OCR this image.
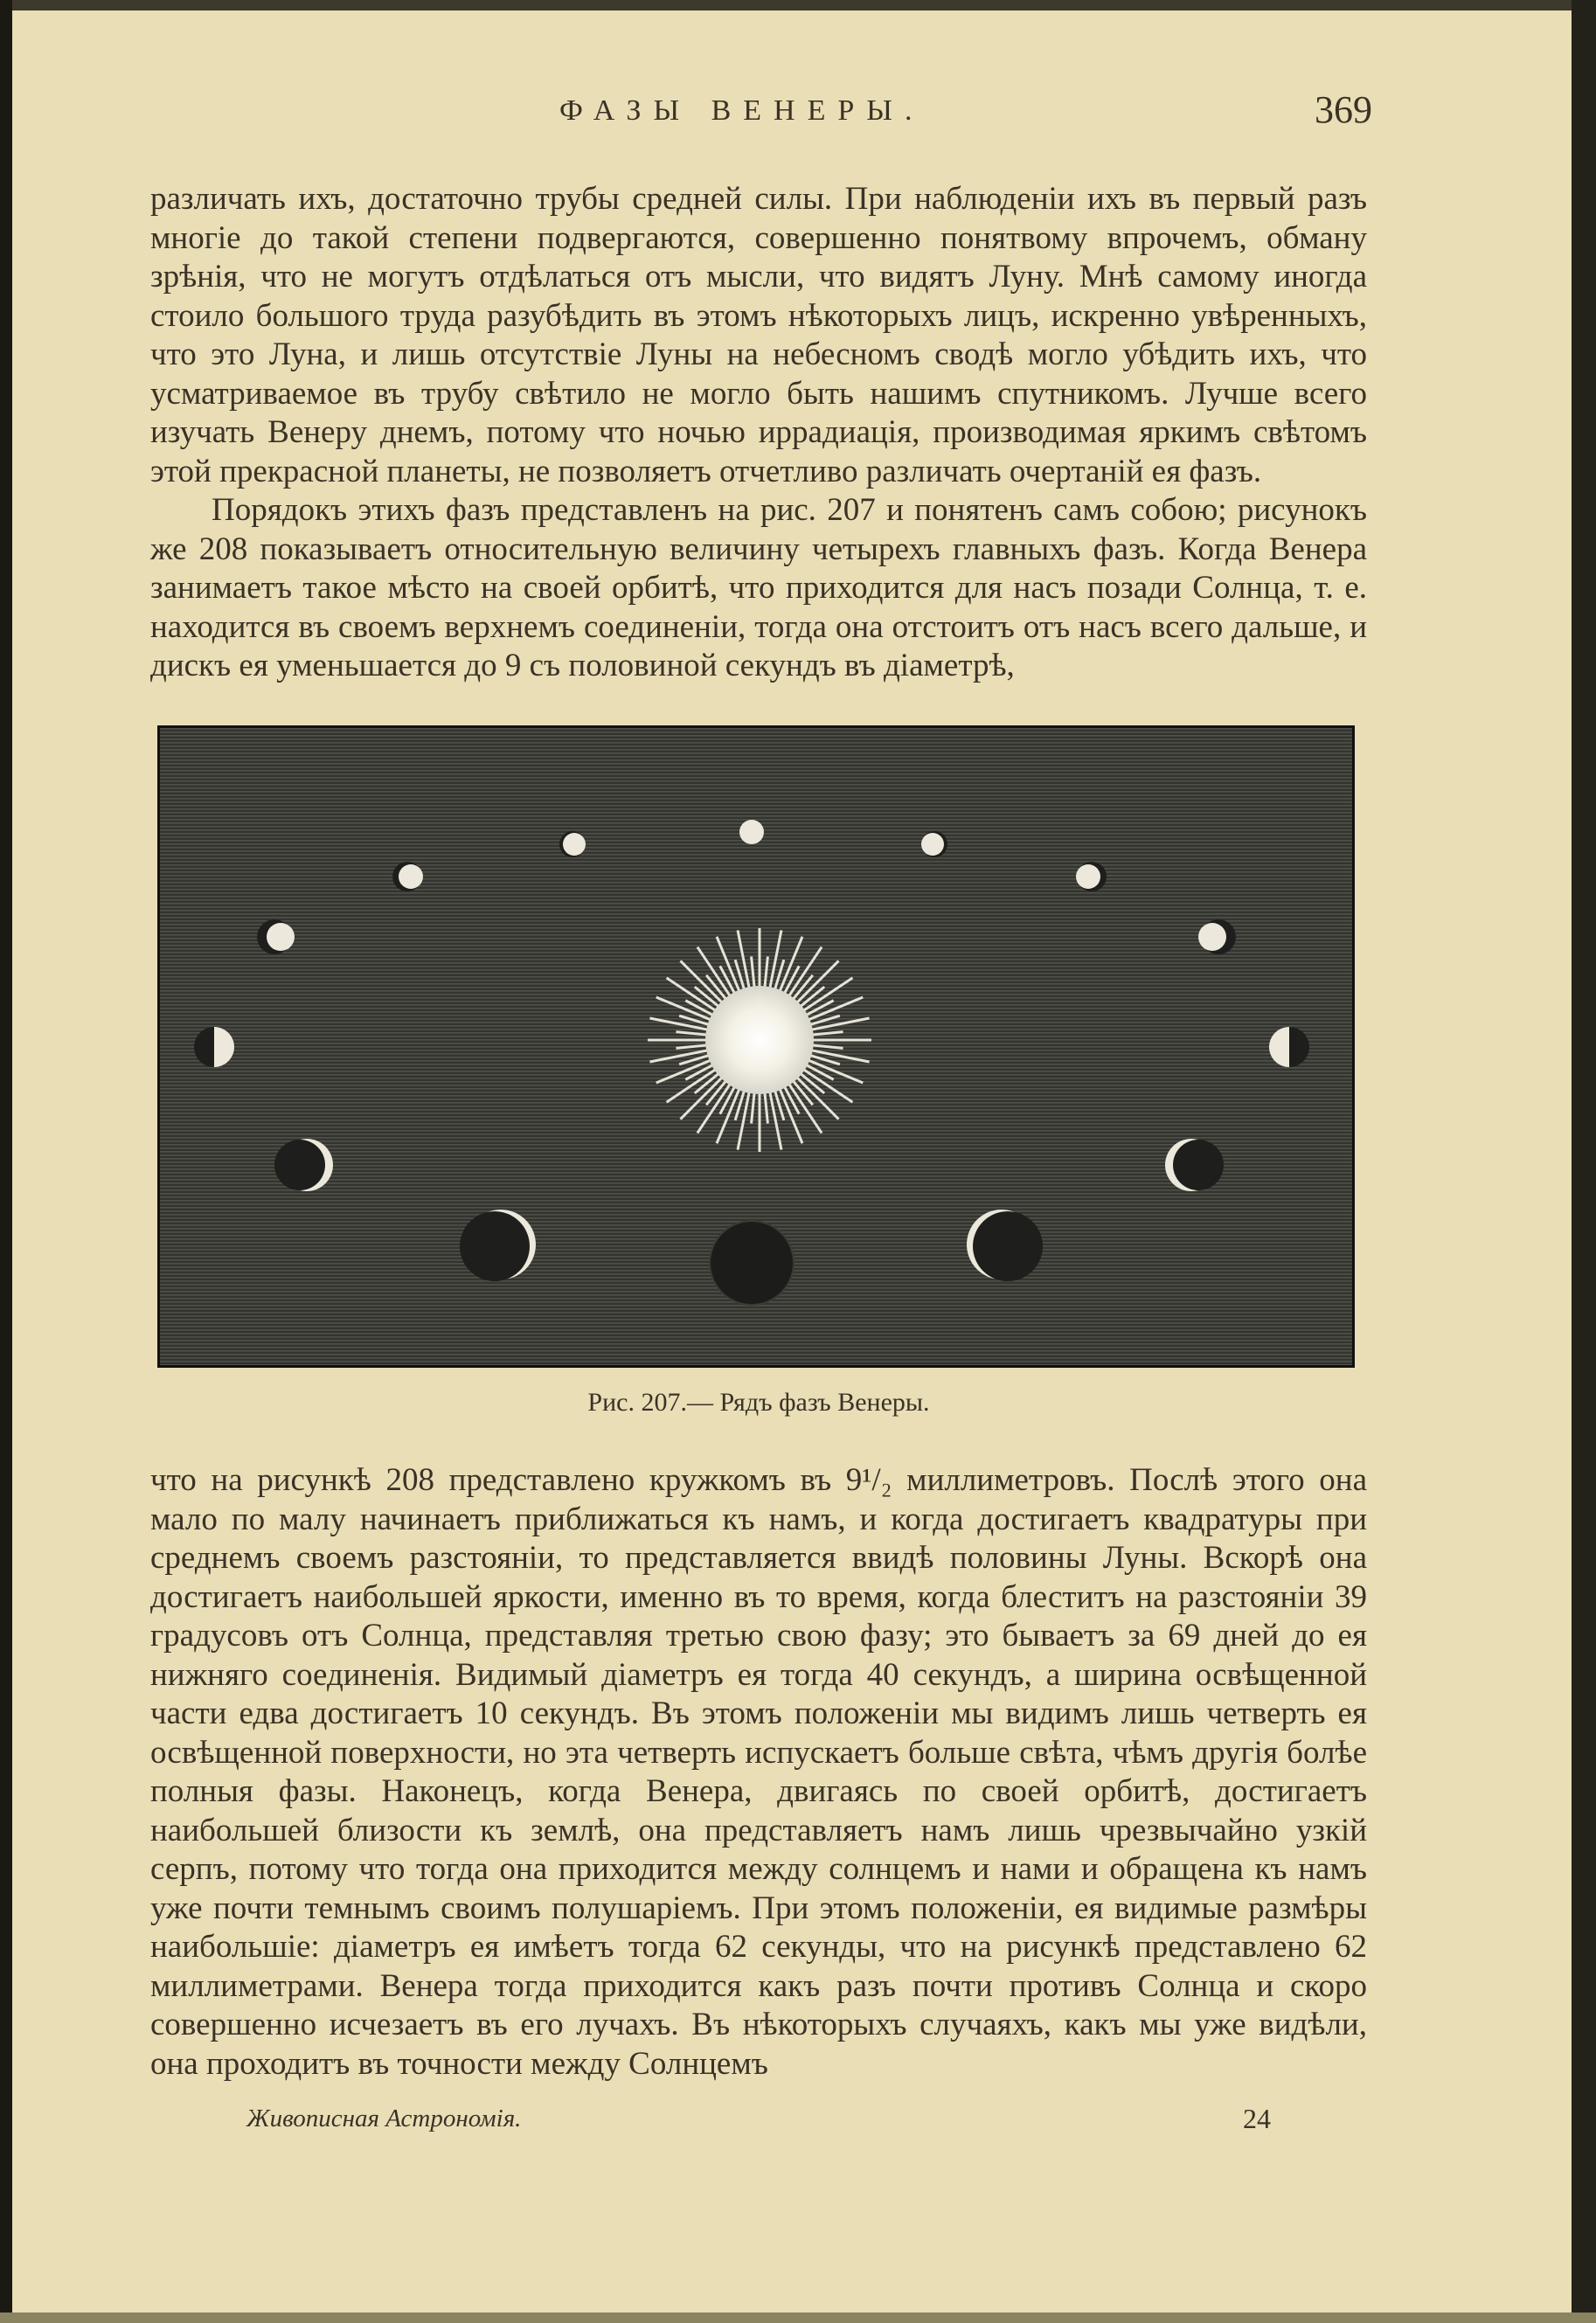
ФАЗЫ ВЕНЕРЫ.	369

различать ихъ, достаточно трубы средней силы. При наблюденіи ихъ въ первый разъ многіе до такой степени подвергаются, совершенно понятвому впрочемъ, обману зрѣнія, что не могутъ отдѣлаться отъ мысли, что видятъ Луну. Мнѣ самому иногда стоило большого труда разубѣдить въ этомъ нѣкоторыхъ лицъ, искренно увѣренныхъ, что это Луна, и лишь отсутствіе Луны на небесномъ сводѣ могло убѣдить ихъ, что усматриваемое въ трубу свѣтило не могло быть нашимъ спутникомъ. Лучше всего изучать Венеру днемъ, потому что ночью иррадиація, производимая яркимъ свѣтомъ этой прекрасной планеты, не позволяетъ отчетливо различать очертаній ея фазъ.

Порядокъ этихъ фазъ представленъ на рис. 207 и понятенъ самъ собою; рисунокъ же 208 показываетъ относительную величину четырехъ главныхъ фазъ. Когда Венера занимаетъ такое мѣсто на своей орбитѣ, что приходится для насъ позади Солнца, т. е. находится въ своемъ верхнемъ соединеніи, тогда она отстоитъ отъ насъ всего дальше, и дискъ ея уменьшается до 9 съ половиной секундъ въ діаметрѣ,

Рис. 207.— Рядъ фазъ Венеры.

что на рисункѣ 208 представлено кружкомъ въ 9¹/₂ миллиметровъ. Послѣ этого она мало по малу начинаетъ приближаться къ намъ, и когда достигаетъ квадратуры при среднемъ своемъ разстояніи, то представляется ввидѣ половины Луны. Вскорѣ она достигаетъ наибольшей яркости, именно въ то время, когда блеститъ на разстояніи 39 градусовъ отъ Солнца, представляя третью свою фазу; это бываетъ за 69 дней до ея нижняго соединенія. Видимый діаметръ ея тогда 40 секундъ, а ширина освѣщенной части едва достигаетъ 10 секундъ. Въ этомъ положеніи мы видимъ лишь четверть ея освѣщенной поверхности, но эта четверть испускаетъ больше свѣта, чѣмъ другія болѣе полныя фазы. Наконецъ, когда Венера, двигаясь по своей орбитѣ, достигаетъ наибольшей близости къ землѣ, она представляетъ намъ лишь чрезвычайно узкій серпъ, потому что тогда она приходится между солнцемъ и нами и обращена къ намъ уже почти темнымъ своимъ полушаріемъ. При этомъ положеніи, ея видимые размѣры наибольшіе: діаметръ ея имѣетъ тогда 62 секунды, что на рисункѣ представлено 62 миллиметрами. Венера тогда приходится какъ разъ почти противъ Солнца и скоро совершенно исчезаетъ въ его лучахъ. Въ нѣкоторыхъ случаяхъ, какъ мы уже видѣли, она проходитъ въ точности между Солнцемъ

Живописная Астрономія.	24
